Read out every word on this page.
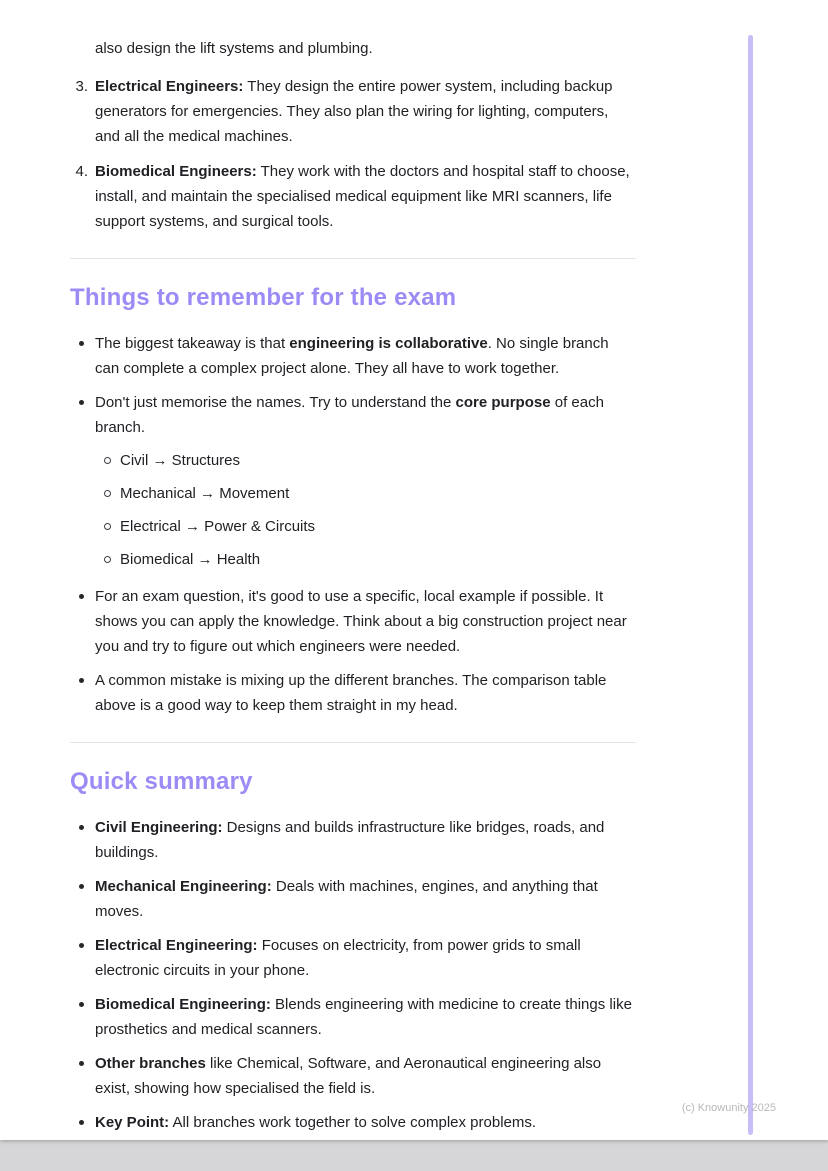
also design the lift systems and plumbing.

3. Electrical Engineers: They design the entire power system, including backup generators for emergencies. They also plan the wiring for lighting, computers, and all the medical machines.

4. Biomedical Engineers: They work with the doctors and hospital staff to choose, install, and maintain the specialised medical equipment like MRI scanners, life support systems, and surgical tools.

Things to remember for the exam
The biggest takeaway is that engineering is collaborative. No single branch can complete a complex project alone. They all have to work together.
Don't just memorise the names. Try to understand the core purpose of each branch.
Civil → Structures
Mechanical → Movement
Electrical → Power & Circuits
Biomedical → Health
For an exam question, it's good to use a specific, local example if possible. It shows you can apply the knowledge. Think about a big construction project near you and try to figure out which engineers were needed.
A common mistake is mixing up the different branches. The comparison table above is a good way to keep them straight in my head.
Quick summary
Civil Engineering: Designs and builds infrastructure like bridges, roads, and buildings.
Mechanical Engineering: Deals with machines, engines, and anything that moves.
Electrical Engineering: Focuses on electricity, from power grids to small electronic circuits in your phone.
Biomedical Engineering: Blends engineering with medicine to create things like prosthetics and medical scanners.
Other branches like Chemical, Software, and Aeronautical engineering also exist, showing how specialised the field is.
Key Point: All branches work together to solve complex problems.
(c) Knowunity 2025
